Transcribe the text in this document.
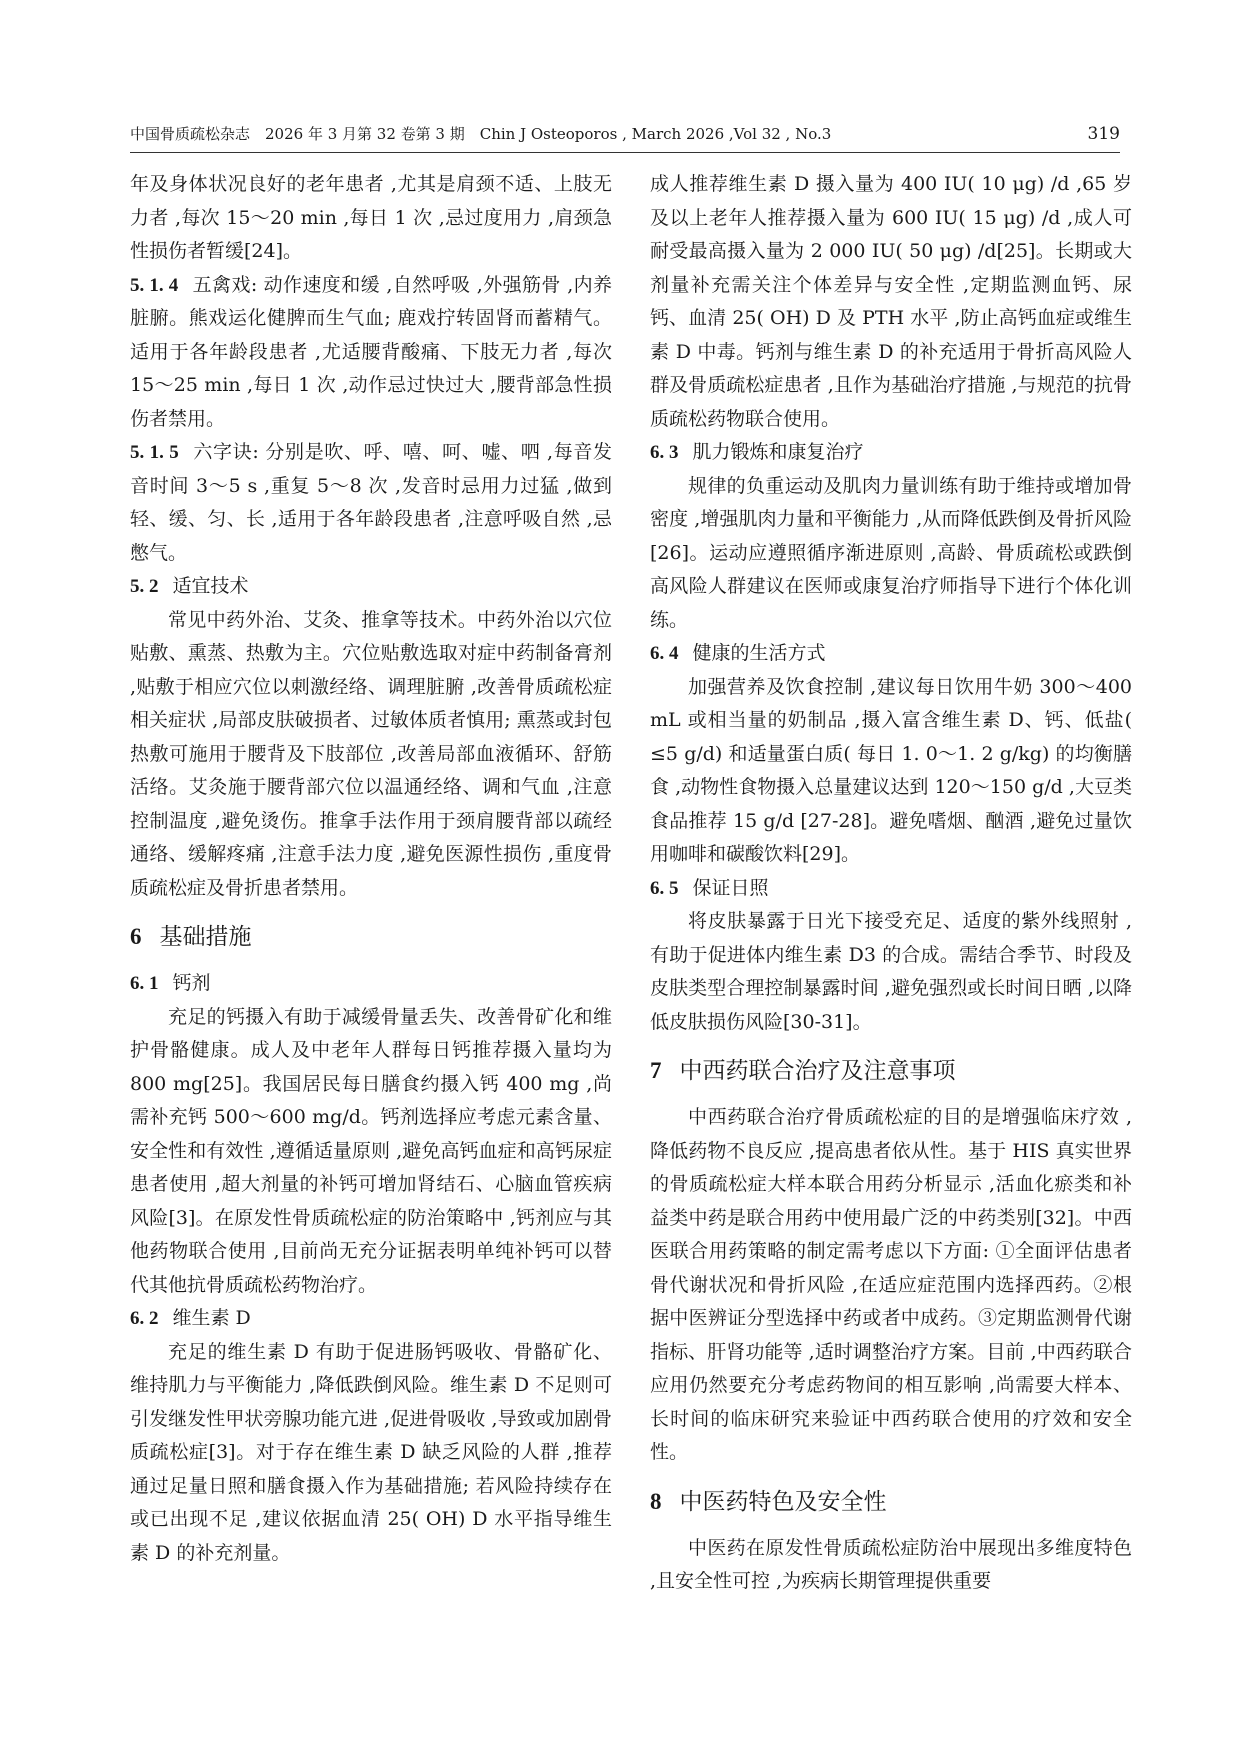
中国骨质疏松杂志　2026 年 3 月第 32 卷第 3 期　Chin J Osteoporos , March 2026 ,Vol 32 , No.3	319

年及身体状况良好的老年患者 ,尤其是肩颈不适、上肢无力者 ,每次 15～20 min ,每日 1 次 ,忌过度用力 ,肩颈急性损伤者暂缓[24]。

5. 1. 4 五禽戏: 动作速度和缓 ,自然呼吸 ,外强筋骨 ,内养脏腑。熊戏运化健脾而生气血; 鹿戏拧转固肾而蓄精气。适用于各年龄段患者 ,尤适腰背酸痛、下肢无力者 ,每次 15～25 min ,每日 1 次 ,动作忌过快过大 ,腰背部急性损伤者禁用。

5. 1. 5 六字诀: 分别是吹、呼、嘻、呵、嘘、呬 ,每音发音时间 3～5 s ,重复 5～8 次 ,发音时忌用力过猛 ,做到轻、缓、匀、长 ,适用于各年龄段患者 ,注意呼吸自然 ,忌憋气。

5. 2 适宜技术

常见中药外治、艾灸、推拿等技术。中药外治以穴位贴敷、熏蒸、热敷为主。穴位贴敷选取对症中药制备膏剂 ,贴敷于相应穴位以刺激经络、调理脏腑 ,改善骨质疏松症相关症状 ,局部皮肤破损者、过敏体质者慎用; 熏蒸或封包热敷可施用于腰背及下肢部位 ,改善局部血液循环、舒筋活络。艾灸施于腰背部穴位以温通经络、调和气血 ,注意控制温度 ,避免烫伤。推拿手法作用于颈肩腰背部以疏经通络、缓解疼痛 ,注意手法力度 ,避免医源性损伤 ,重度骨质疏松症及骨折患者禁用。

6 基础措施

6. 1 钙剂

充足的钙摄入有助于减缓骨量丢失、改善骨矿化和维护骨骼健康。成人及中老年人群每日钙推荐摄入量均为 800 mg[25]。我国居民每日膳食约摄入钙 400 mg ,尚需补充钙 500～600 mg/d。钙剂选择应考虑元素含量、安全性和有效性 ,遵循适量原则 ,避免高钙血症和高钙尿症患者使用 ,超大剂量的补钙可增加肾结石、心脑血管疾病风险[3]。在原发性骨质疏松症的防治策略中 ,钙剂应与其他药物联合使用 ,目前尚无充分证据表明单纯补钙可以替代其他抗骨质疏松药物治疗。

6. 2 维生素 D

充足的维生素 D 有助于促进肠钙吸收、骨骼矿化、维持肌力与平衡能力 ,降低跌倒风险。维生素 D 不足则可引发继发性甲状旁腺功能亢进 ,促进骨吸收 ,导致或加剧骨质疏松症[3]。对于存在维生素 D 缺乏风险的人群 ,推荐通过足量日照和膳食摄入作为基础措施; 若风险持续存在或已出现不足 ,建议依据血清 25( OH) D 水平指导维生素 D 的补充剂量。

成人推荐维生素 D 摄入量为 400 IU( 10 μg) /d ,65 岁及以上老年人推荐摄入量为 600 IU( 15 μg) /d ,成人可耐受最高摄入量为 2 000 IU( 50 μg) /d[25]。长期或大剂量补充需关注个体差异与安全性 ,定期监测血钙、尿钙、血清 25( OH) D 及 PTH 水平 ,防止高钙血症或维生素 D 中毒。钙剂与维生素 D 的补充适用于骨折高风险人群及骨质疏松症患者 ,且作为基础治疗措施 ,与规范的抗骨质疏松药物联合使用。

6. 3 肌力锻炼和康复治疗

规律的负重运动及肌肉力量训练有助于维持或增加骨密度 ,增强肌肉力量和平衡能力 ,从而降低跌倒及骨折风险[26]。运动应遵照循序渐进原则 ,高龄、骨质疏松或跌倒高风险人群建议在医师或康复治疗师指导下进行个体化训练。

6. 4 健康的生活方式

加强营养及饮食控制 ,建议每日饮用牛奶 300～400 mL 或相当量的奶制品 ,摄入富含维生素 D、钙、低盐( ≤5 g/d) 和适量蛋白质( 每日 1. 0～1. 2 g/kg) 的均衡膳食 ,动物性食物摄入总量建议达到 120～150 g/d ,大豆类食品推荐 15 g/d [27-28]。避免嗜烟、酗酒 ,避免过量饮用咖啡和碳酸饮料[29]。

6. 5 保证日照

将皮肤暴露于日光下接受充足、适度的紫外线照射 ,有助于促进体内维生素 D3 的合成。需结合季节、时段及皮肤类型合理控制暴露时间 ,避免强烈或长时间日晒 ,以降低皮肤损伤风险[30-31]。

7 中西药联合治疗及注意事项

中西药联合治疗骨质疏松症的目的是增强临床疗效 ,降低药物不良反应 ,提高患者依从性。基于 HIS 真实世界的骨质疏松症大样本联合用药分析显示 ,活血化瘀类和补益类中药是联合用药中使用最广泛的中药类别[32]。中西医联合用药策略的制定需考虑以下方面: ①全面评估患者骨代谢状况和骨折风险 ,在适应症范围内选择西药。②根据中医辨证分型选择中药或者中成药。③定期监测骨代谢指标、肝肾功能等 ,适时调整治疗方案。目前 ,中西药联合应用仍然要充分考虑药物间的相互影响 ,尚需要大样本、长时间的临床研究来验证中西药联合使用的疗效和安全性。

8 中医药特色及安全性

中医药在原发性骨质疏松症防治中展现出多维度特色 ,且安全性可控 ,为疾病长期管理提供重要
